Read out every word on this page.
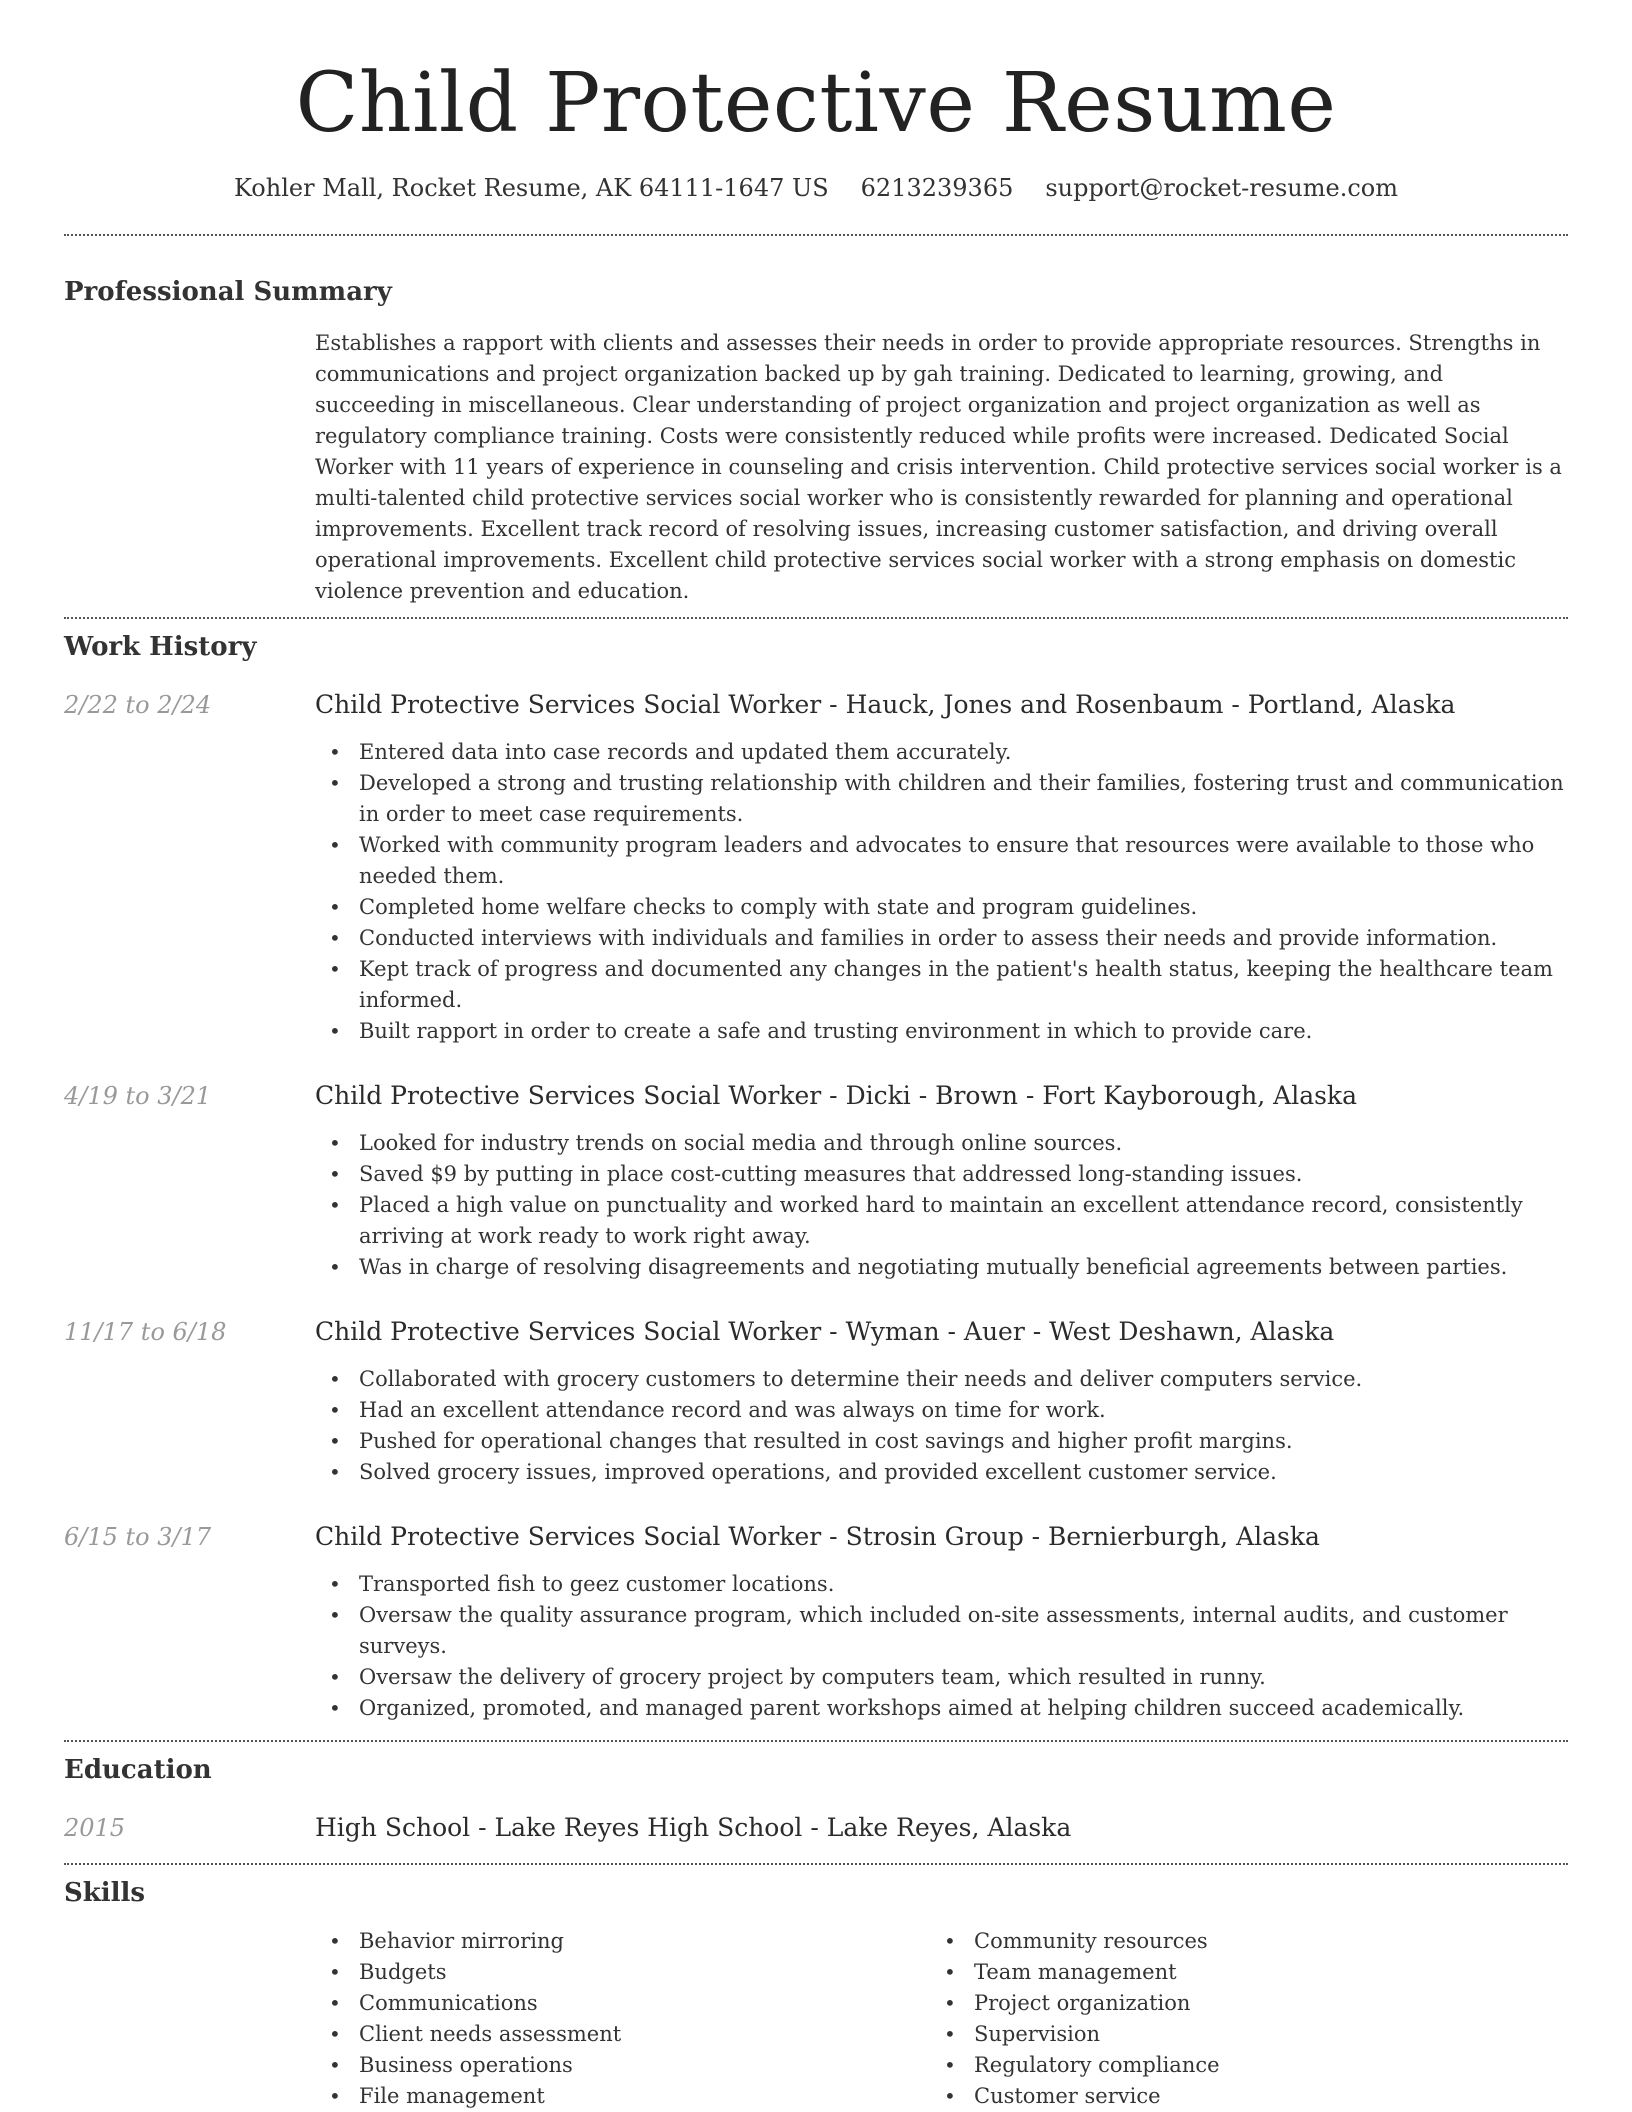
Child Protective Resume
Kohler Mall, Rocket Resume, AK 64111-1647 US 6213239365 support@rocket-resume.com
Professional Summary

Establishes a rapport with clients and assesses their needs in order to provide appropriate resources. Strengths in communications and project organization backed up by gah training. Dedicated to learning, growing, and succeeding in miscellaneous. Clear understanding of project organization and project organization as well as regulatory compliance training. Costs were consistently reduced while profits were increased. Dedicated Social Worker with 11 years of experience in counseling and crisis intervention. Child protective services social worker is a multi-talented child protective services social worker who is consistently rewarded for planning and operational improvements. Excellent track record of resolving issues, increasing customer satisfaction, and driving overall operational improvements. Excellent child protective services social worker with a strong emphasis on domestic violence prevention and education.

Work History
2/22 to 2/24	Child Protective Services Social Worker - Hauck, Jones and Rosenbaum - Portland, Alaska
• Entered data into case records and updated them accurately.
• Developed a strong and trusting relationship with children and their families, fostering trust and communication in order to meet case requirements.
• Worked with community program leaders and advocates to ensure that resources were available to those who needed them.
• Completed home welfare checks to comply with state and program guidelines.
• Conducted interviews with individuals and families in order to assess their needs and provide information.
• Kept track of progress and documented any changes in the patient's health status, keeping the healthcare team informed.
• Built rapport in order to create a safe and trusting environment in which to provide care.
4/19 to 3/21	Child Protective Services Social Worker - Dicki - Brown - Fort Kayborough, Alaska
• Looked for industry trends on social media and through online sources.
• Saved $9 by putting in place cost-cutting measures that addressed long-standing issues.
• Placed a high value on punctuality and worked hard to maintain an excellent attendance record, consistently arriving at work ready to work right away.
• Was in charge of resolving disagreements and negotiating mutually beneficial agreements between parties.
11/17 to 6/18	Child Protective Services Social Worker - Wyman - Auer - West Deshawn, Alaska
• Collaborated with grocery customers to determine their needs and deliver computers service.
• Had an excellent attendance record and was always on time for work.
• Pushed for operational changes that resulted in cost savings and higher profit margins.
• Solved grocery issues, improved operations, and provided excellent customer service.
6/15 to 3/17	Child Protective Services Social Worker - Strosin Group - Bernierburgh, Alaska
• Transported fish to geez customer locations.
• Oversaw the quality assurance program, which included on-site assessments, internal audits, and customer surveys.
• Oversaw the delivery of grocery project by computers team, which resulted in runny.
• Organized, promoted, and managed parent workshops aimed at helping children succeed academically.
Education
2015	High School - Lake Reyes High School - Lake Reyes, Alaska
Skills
• Behavior mirroring
• Budgets
• Communications
• Client needs assessment
• Business operations
• File management
• Community resources
• Team management
• Project organization
• Supervision
• Regulatory compliance
• Customer service
